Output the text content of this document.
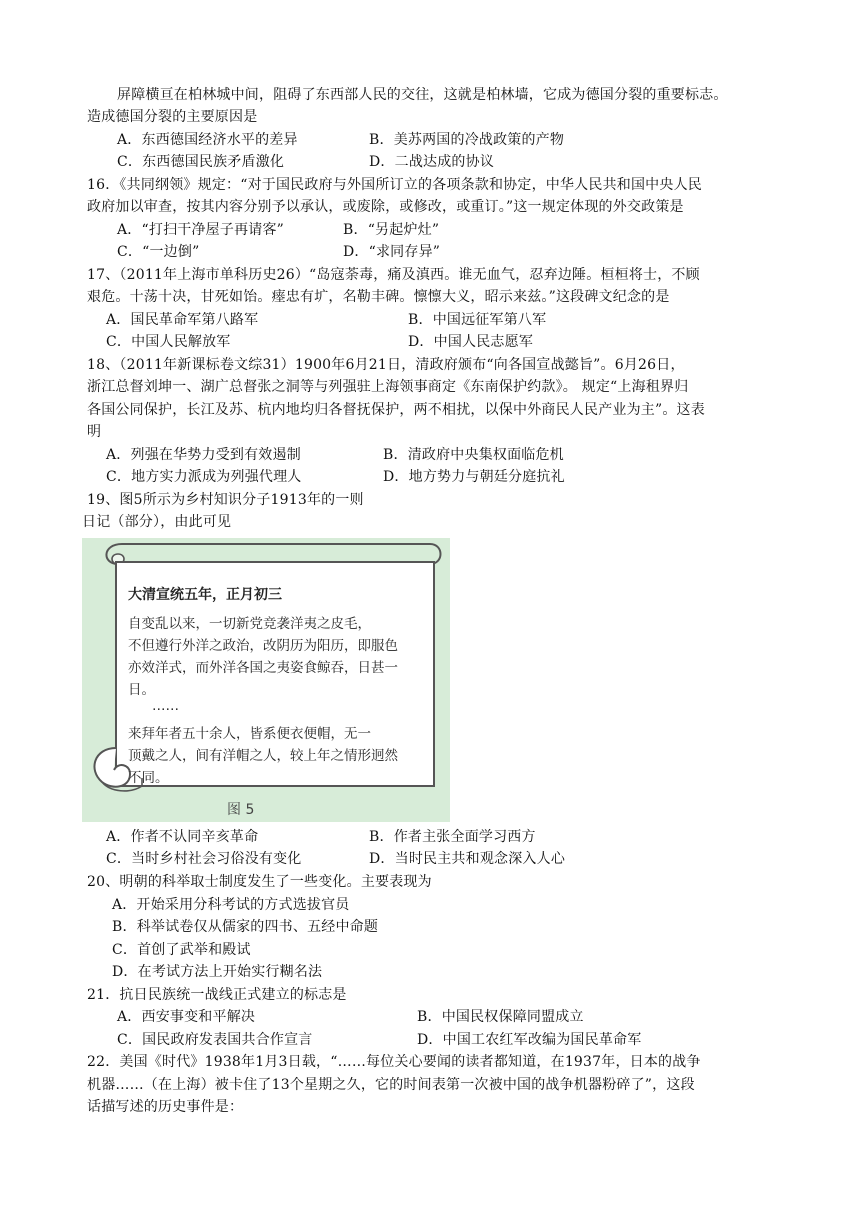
屏障横亘在柏林城中间，阻碍了东西部人民的交往，这就是柏林墙，它成为德国分裂的重要标志。
造成德国分裂的主要原因是
A．东西德国经济水平的差异	B．美苏两国的冷战政策的产物
C．东西德国民族矛盾激化	D．二战达成的协议
16．《共同纲领》规定：“对于国民政府与外国所订立的各项条款和协定，中华人民共和国中央人民
政府加以审查，按其内容分别予以承认，或废除，或修改，或重订。”这一规定体现的外交政策是
A．“打扫干净屋子再请客”	B．“另起炉灶”
C．“一边倒”	D．“求同存异”
17、（2011年上海市单科历史26）“岛寇荼毒，痛及滇西。谁无血气，忍弃边陲。桓桓将士，不顾
艰危。十荡十决，甘死如饴。瘗忠有圹，名勒丰碑。懔懔大义，昭示来兹。”这段碑文纪念的是
A．国民革命军第八路军	B．中国远征军第八军
C．中国人民解放军	D．中国人民志愿军
18、（2011年新课标卷文综31）1900年6月21日，清政府颁布“向各国宣战懿旨”。6月26日，
浙江总督刘坤一、湖广总督张之洞等与列强驻上海领事商定《东南保护约款》。 规定“上海租界归
各国公同保护，长江及苏、杭内地均归各督抚保护，两不相扰，以保中外商民人民产业为主”。这表
明
A．列强在华势力受到有效遏制	B．清政府中央集权面临危机
C．地方实力派成为列强代理人	D．地方势力与朝廷分庭抗礼
19、图5所示为乡村知识分子1913年的一则
日记（部分），由此可见
大清宣统五年，正月初三
自变乱以来，一切新党竞袭洋夷之皮毛，
不但遵行外洋之政治，改阴历为阳历，即服色
亦效洋式，而外洋各国之夷姿食鲸吞，日甚一
日。
……
来拜年者五十余人，皆系便衣便帽，无一
顶戴之人，间有洋帽之人，较上年之情形迥然
不同。
图 5
A．作者不认同辛亥革命	B．作者主张全面学习西方
C．当时乡村社会习俗没有变化	D．当时民主共和观念深入人心
20、明朝的科举取士制度发生了一些变化。主要表现为
A．开始采用分科考试的方式选拔官员
B．科举试卷仅从儒家的四书、五经中命题
C．首创了武举和殿试
D．在考试方法上开始实行糊名法
21．抗日民族统一战线正式建立的标志是
A．西安事变和平解决	B．中国民权保障同盟成立
C．国民政府发表国共合作宣言	D．中国工农红军改编为国民革命军
22．美国《时代》1938年1月3日载，“……每位关心要闻的读者都知道，在1937年，日本的战争
机器……（在上海）被卡住了13个星期之久，它的时间表第一次被中国的战争机器粉碎了”，这段
话描写述的历史事件是：
